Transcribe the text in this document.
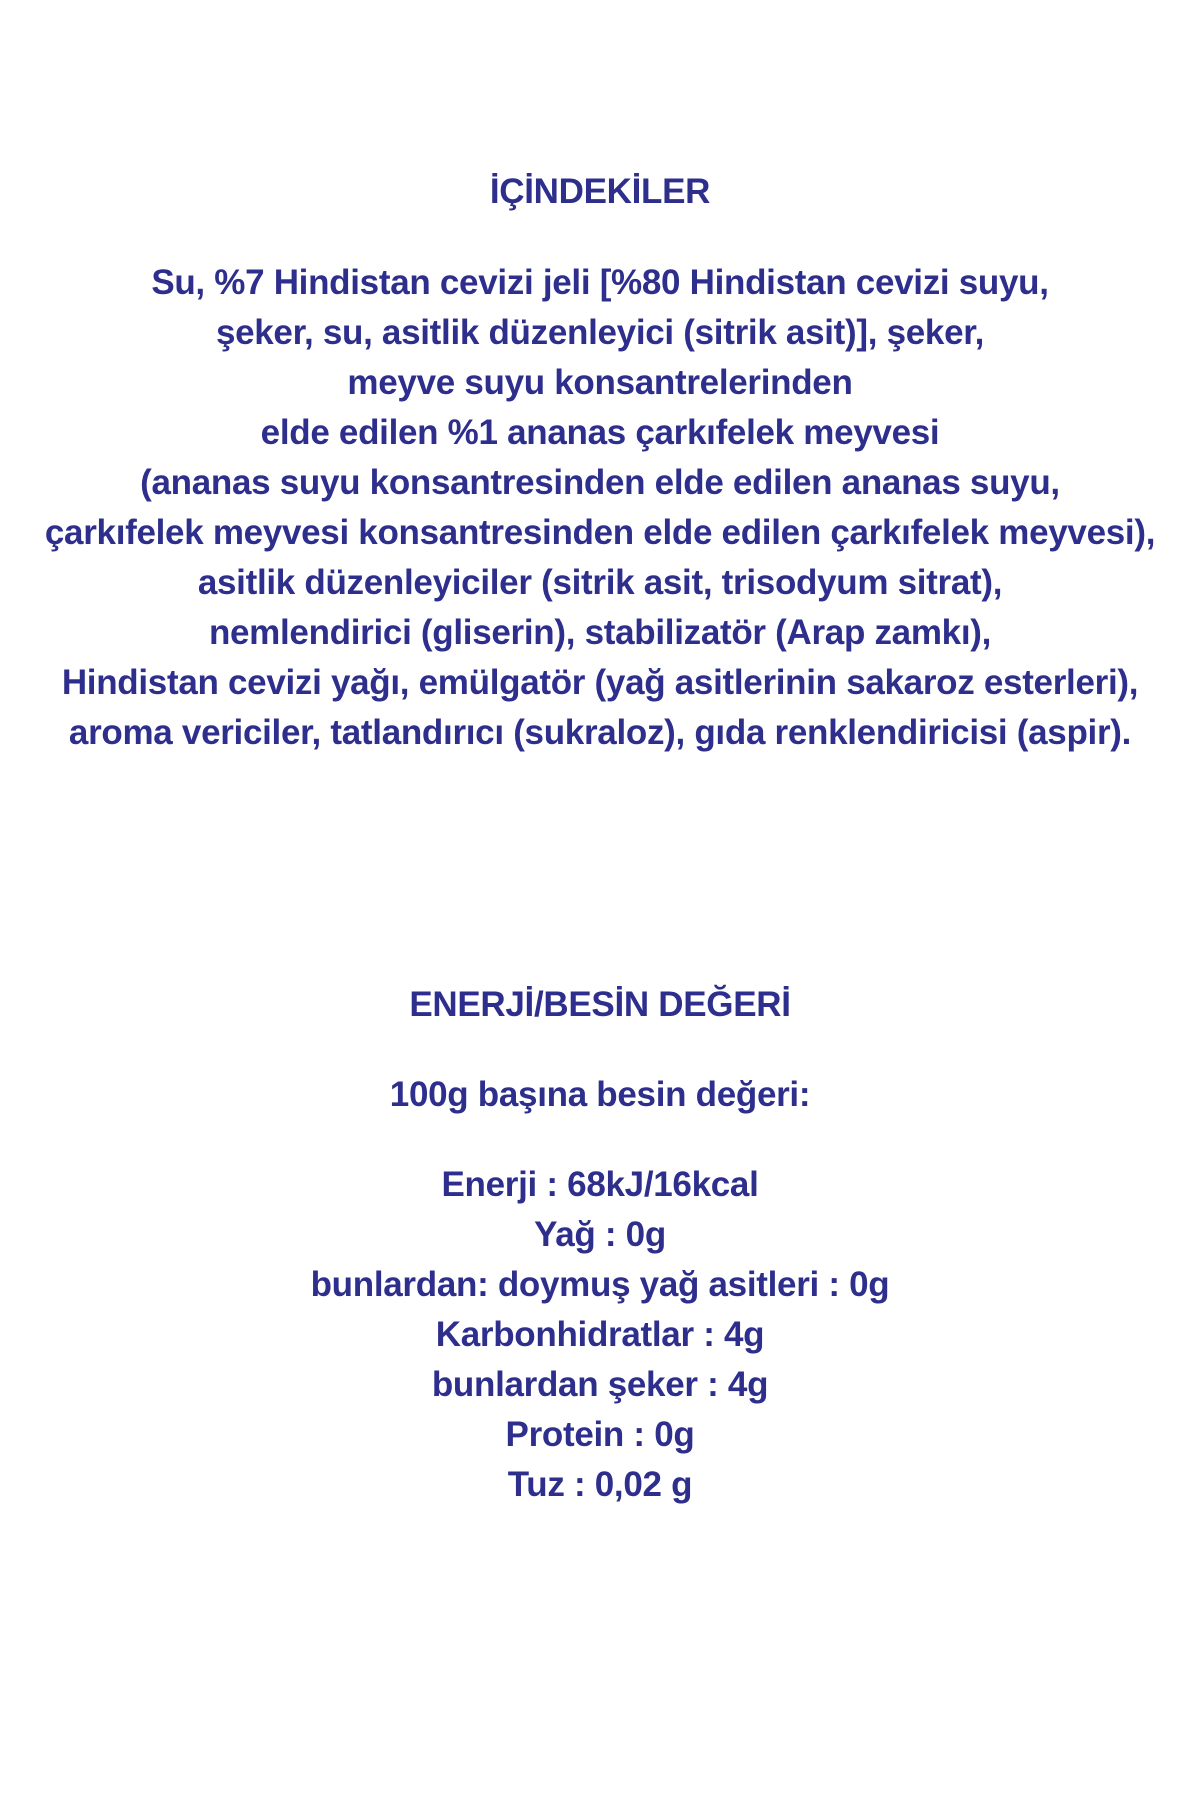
İÇİNDEKİLER
Su, %7 Hindistan cevizi jeli [%80 Hindistan cevizi suyu,
şeker, su, asitlik düzenleyici (sitrik asit)], şeker,
meyve suyu konsantrelerinden
elde edilen %1 ananas çarkıfelek meyvesi
(ananas suyu konsantresinden elde edilen ananas suyu,
çarkıfelek meyvesi konsantresinden elde edilen çarkıfelek meyvesi),
asitlik düzenleyiciler (sitrik asit, trisodyum sitrat),
nemlendirici (gliserin), stabilizatör (Arap zamkı),
Hindistan cevizi yağı, emülgatör (yağ asitlerinin sakaroz esterleri),
aroma vericiler, tatlandırıcı (sukraloz), gıda renklendiricisi (aspir).
ENERJİ/BESİN DEĞERİ
100g başına besin değeri:
Enerji : 68kJ/16kcal
Yağ : 0g
bunlardan: doymuş yağ asitleri : 0g
Karbonhidratlar : 4g
bunlardan şeker : 4g
Protein : 0g
Tuz : 0,02 g
